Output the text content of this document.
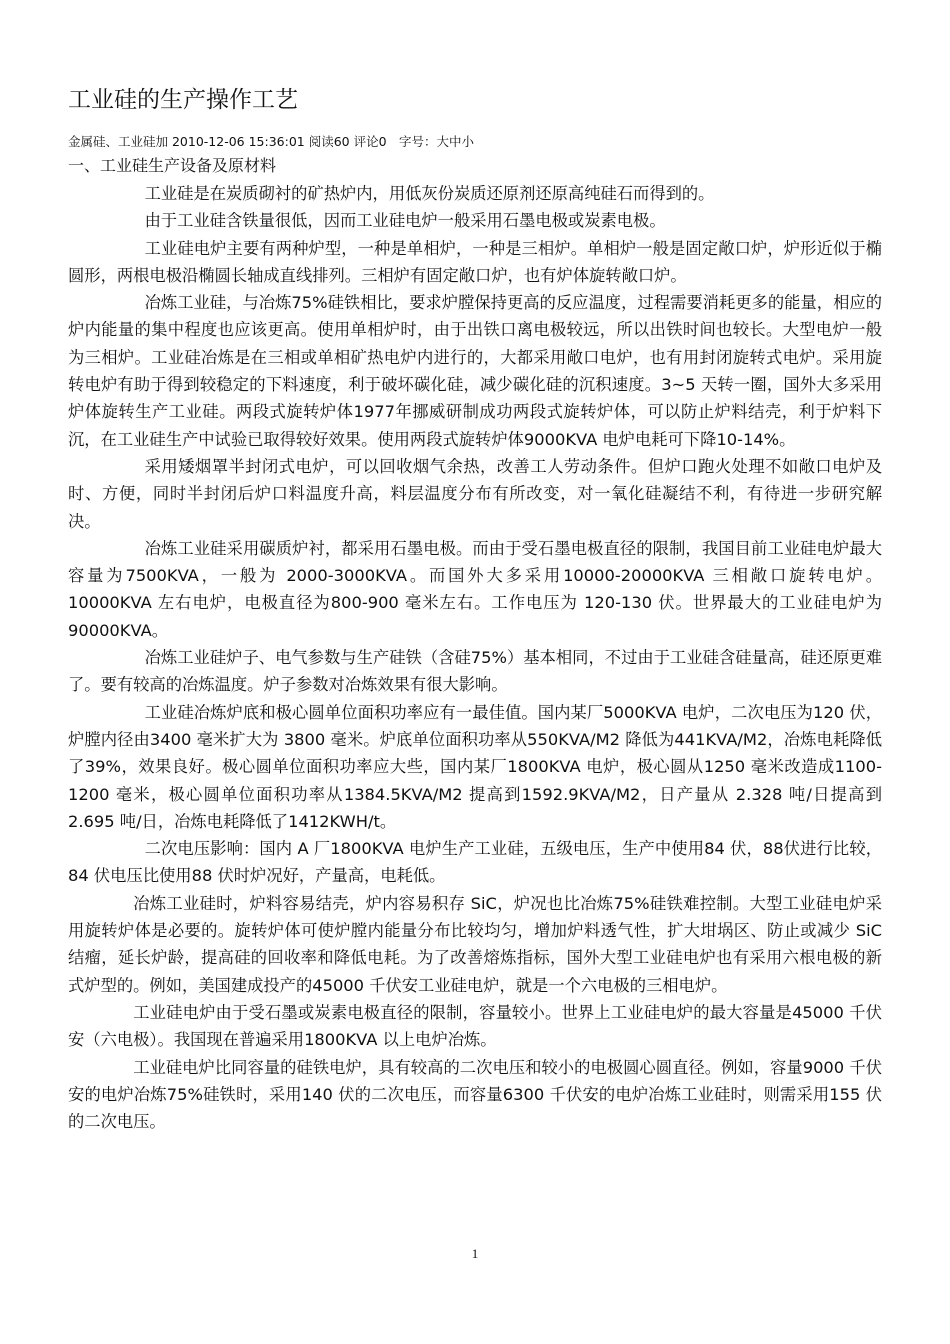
工业硅的生产操作工艺
金属硅、工业硅加 2010-12-06 15:36:01 阅读60 评论0　字号：大中小
一、工业硅生产设备及原材料

工业硅是在炭质砌衬的矿热炉内，用低灰份炭质还原剂还原高纯硅石而得到的。

由于工业硅含铁量很低，因而工业硅电炉一般采用石墨电极或炭素电极。

工业硅电炉主要有两种炉型，一种是单相炉，一种是三相炉。单相炉一般是固定敞口炉，炉形近似于椭圆形，两根电极沿椭圆长轴成直线排列。三相炉有固定敞口炉，也有炉体旋转敞口炉。

冶炼工业硅，与冶炼75%硅铁相比，要求炉膛保持更高的反应温度，过程需要消耗更多的能量，相应的炉内能量的集中程度也应该更高。使用单相炉时，由于出铁口离电极较远，所以出铁时间也较长。大型电炉一般为三相炉。工业硅冶炼是在三相或单相矿热电炉内进行的，大都采用敞口电炉，也有用封闭旋转式电炉。采用旋转电炉有助于得到较稳定的下料速度，利于破坏碳化硅，减少碳化硅的沉积速度。3~5 天转一圈，国外大多采用炉体旋转生产工业硅。两段式旋转炉体1977年挪威研制成功两段式旋转炉体，可以防止炉料结壳，利于炉料下沉，在工业硅生产中试验已取得较好效果。使用两段式旋转炉体9000KVA 电炉电耗可下降10-14%。

采用矮烟罩半封闭式电炉，可以回收烟气余热，改善工人劳动条件。但炉口跑火处理不如敞口电炉及时、方便，同时半封闭后炉口料温度升高，料层温度分布有所改变，对一氧化硅凝结不利，有待进一步研究解决。

冶炼工业硅采用碳质炉衬，都采用石墨电极。而由于受石墨电极直径的限制，我国目前工业硅电炉最大容量为7500KVA，一般为 2000-3000KVA。而国外大多采用10000-20000KVA 三相敞口旋转电炉。 10000KVA 左右电炉，电极直径为800-900 毫米左右。工作电压为 120-130 伏。世界最大的工业硅电炉为90000KVA。

冶炼工业硅炉子、电气参数与生产硅铁（含硅75%）基本相同，不过由于工业硅含硅量高，硅还原更难了。要有较高的冶炼温度。炉子参数对冶炼效果有很大影响。

工业硅冶炼炉底和极心圆单位面积功率应有一最佳值。国内某厂5000KVA 电炉，二次电压为120 伏，炉膛内径由3400 毫米扩大为 3800 毫米。炉底单位面积功率从550KVA/M2 降低为441KVA/M2，冶炼电耗降低了39%，效果良好。极心圆单位面积功率应大些，国内某厂1800KVA 电炉，极心圆从1250 毫米改造成1100-1200 毫米，极心圆单位面积功率从1384.5KVA/M2 提高到1592.9KVA/M2，日产量从 2.328 吨/日提高到2.695 吨/日，冶炼电耗降低了1412KWH/t。

二次电压影响：国内 A 厂1800KVA 电炉生产工业硅，五级电压，生产中使用84 伏，88伏进行比较，84 伏电压比使用88 伏时炉况好，产量高，电耗低。

冶炼工业硅时，炉料容易结壳，炉内容易积存 SiC，炉况也比冶炼75%硅铁难控制。大型工业硅电炉采用旋转炉体是必要的。旋转炉体可使炉膛内能量分布比较均匀，增加炉料透气性，扩大坩埚区、防止或减少 SiC 结瘤，延长炉龄，提高硅的回收率和降低电耗。为了改善熔炼指标，国外大型工业硅电炉也有采用六根电极的新式炉型的。例如，美国建成投产的45000 千伏安工业硅电炉，就是一个六电极的三相电炉。

工业硅电炉由于受石墨或炭素电极直径的限制，容量较小。世界上工业硅电炉的最大容量是45000 千伏安（六电极）。我国现在普遍采用1800KVA 以上电炉冶炼。

工业硅电炉比同容量的硅铁电炉，具有较高的二次电压和较小的电极圆心圆直径。例如，容量9000 千伏安的电炉冶炼75%硅铁时，采用140 伏的二次电压，而容量6300 千伏安的电炉冶炼工业硅时，则需采用155 伏的二次电压。

1
